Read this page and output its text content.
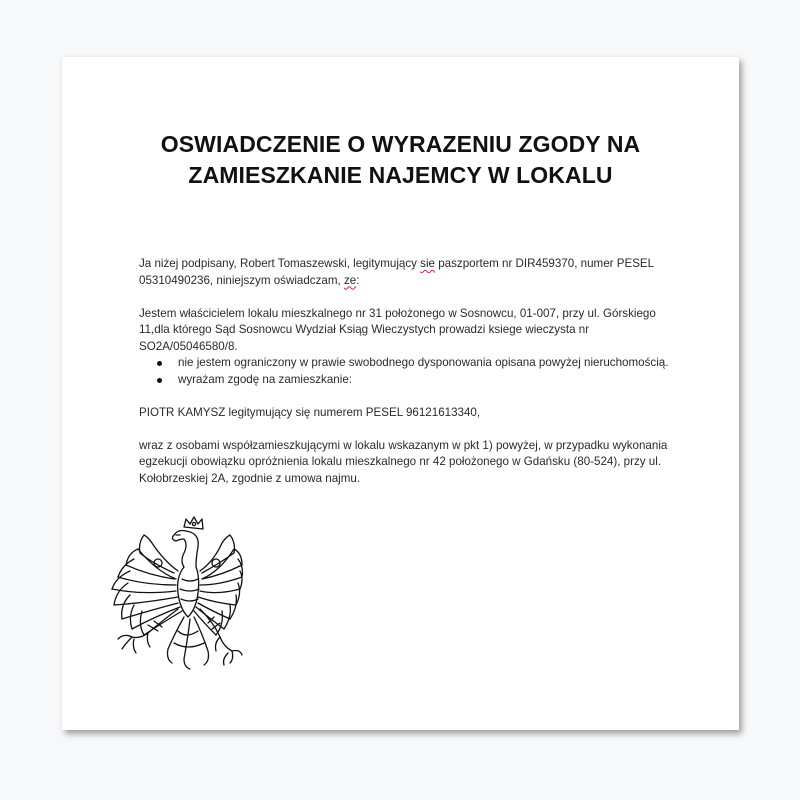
OSWIADCZENIE O WYRAZENIU ZGODY NA
ZAMIESZKANIE NAJEMCY W LOKALU

Ja niżej podpisany, Robert Tomaszewski, legitymujący sie paszportem nr DIR459370, numer PESEL 05310490236, niniejszym oświadczam, ze:

Jestem właścicielem lokalu mieszkalnego nr 31 położonego w Sosnowcu, 01-007, przy ul. Górskiego 11,dla którego Sąd Sosnowcu Wydział Ksiąg Wieczystych prowadzi ksiege wieczysta nr SO2A/05046580/8.

nie jestem ograniczony w prawie swobodnego dysponowania opisana powyżej nieruchomością.
wyrażam zgodę na zamieszkanie:

PIOTR KAMYSZ legitymujący się numerem PESEL 96121613340,

wraz z osobami współzamieszkującymi w lokalu wskazanym w pkt 1) powyżej, w przypadku wykonania egzekucji obowiązku opróżnienia lokalu mieszkalnego nr 42 położonego w Gdańsku (80-524), przy ul. Kołobrzeskiej 2A, zgodnie z umowa najmu.
